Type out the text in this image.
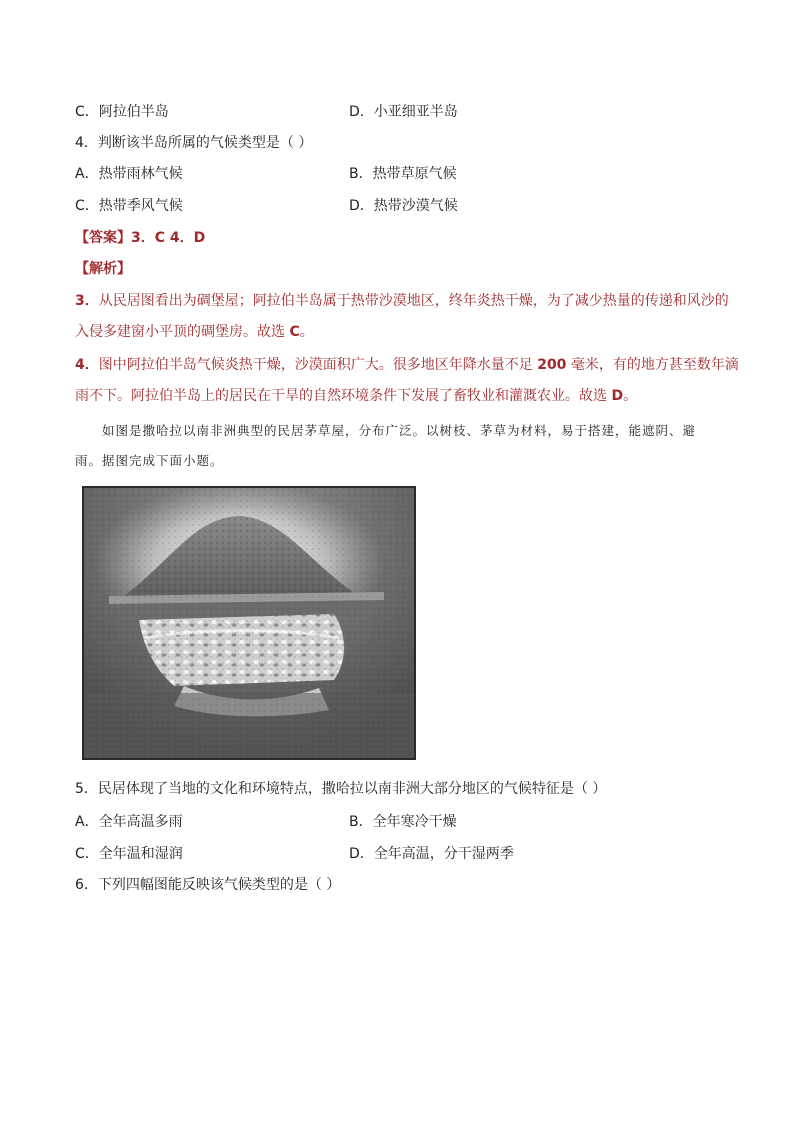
C．阿拉伯半岛	D．小亚细亚半岛
4．判断该半岛所属的气候类型是（ ）
A．热带雨林气候	B．热带草原气候
C．热带季风气候	D．热带沙漠气候
【答案】3．C 4．D
【解析】
3．从民居图看出为碉堡屋；阿拉伯半岛属于热带沙漠地区，终年炎热干燥，为了减少热量的传递和风沙的
入侵多建窗小平顶的碉堡房。故选 C。
4．图中阿拉伯半岛气候炎热干燥，沙漠面积广大。很多地区年降水量不足 200 毫米，有的地方甚至数年滴
雨不下。阿拉伯半岛上的居民在干旱的自然环境条件下发展了畜牧业和灌溉农业。故选 D。
如图是撒哈拉以南非洲典型的民居茅草屋，分布广泛。以树枝、茅草为材料，易于搭建，能遮阴、避
雨。据图完成下面小题。
5．民居体现了当地的文化和环境特点，撒哈拉以南非洲大部分地区的气候特征是（ ）
A．全年高温多雨	B．全年寒冷干燥
C．全年温和湿润	D．全年高温，分干湿两季
6．下列四幅图能反映该气候类型的是（ ）
